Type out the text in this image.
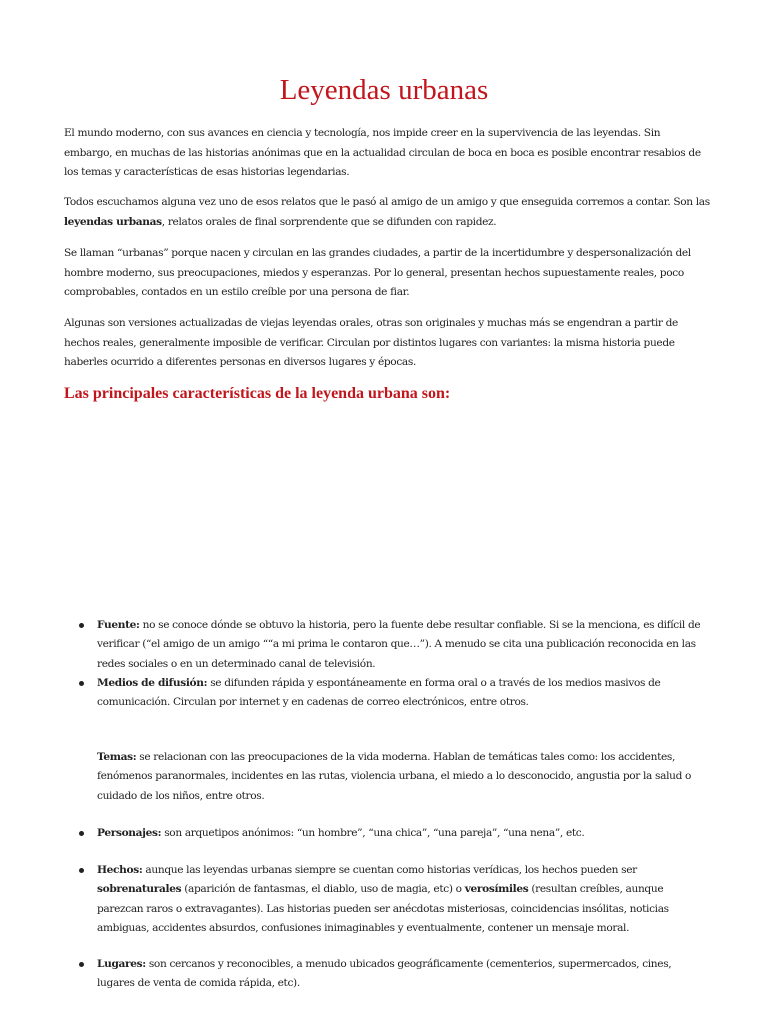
Leyendas urbanas

El mundo moderno, con sus avances en ciencia y tecnología, nos impide creer en la supervivencia de las leyendas. Sin embargo, en muchas de las historias anónimas que en la actualidad circulan de boca en boca es posible encontrar resabios de los temas y características de esas historias legendarias.

Todos escuchamos alguna vez uno de esos relatos que le pasó al amigo de un amigo y que enseguida corremos a contar. Son las leyendas urbanas, relatos orales de final sorprendente que se difunden con rapidez.

Se llaman “urbanas” porque nacen y circulan en las grandes ciudades, a partir de la incertidumbre y despersonalización del hombre moderno, sus preocupaciones, miedos y esperanzas. Por lo general, presentan hechos supuestamente reales, poco comprobables, contados en un estilo creíble por una persona de fiar.

Algunas son versiones actualizadas de viejas leyendas orales, otras son originales y muchas más se engendran a partir de hechos reales, generalmente imposible de verificar. Circulan por distintos lugares con variantes: la misma historia puede haberles ocurrido a diferentes personas en diversos lugares y épocas.

Las principales características de la leyenda urbana son:

Fuente: no se conoce dónde se obtuvo la historia, pero la fuente debe resultar confiable. Si se la menciona, es difícil de verificar (“el amigo de un amigo ““a mi prima le contaron que…”). A menudo se cita una publicación reconocida en las redes sociales o en un determinado canal de televisión.

Medios de difusión: se difunden rápida y espontáneamente en forma oral o a través de los medios masivos de comunicación. Circulan por internet y en cadenas de correo electrónicos, entre otros.

Temas: se relacionan con las preocupaciones de la vida moderna. Hablan de temáticas tales como: los accidentes, fenómenos paranormales, incidentes en las rutas, violencia urbana, el miedo a lo desconocido, angustia por la salud o cuidado de los niños, entre otros.

Personajes: son arquetipos anónimos: “un hombre”, “una chica”, “una pareja”, “una nena”, etc.

Hechos: aunque las leyendas urbanas siempre se cuentan como historias verídicas, los hechos pueden ser sobrenaturales (aparición de fantasmas, el diablo, uso de magia, etc) o verosímiles (resultan creíbles, aunque parezcan raros o extravagantes). Las historias pueden ser anécdotas misteriosas, coincidencias insólitas, noticias ambiguas, accidentes absurdos, confusiones inimaginables y eventualmente, contener un mensaje moral.

Lugares: son cercanos y reconocibles, a menudo ubicados geográficamente (cementerios, supermercados, cines, lugares de venta de comida rápida, etc).
